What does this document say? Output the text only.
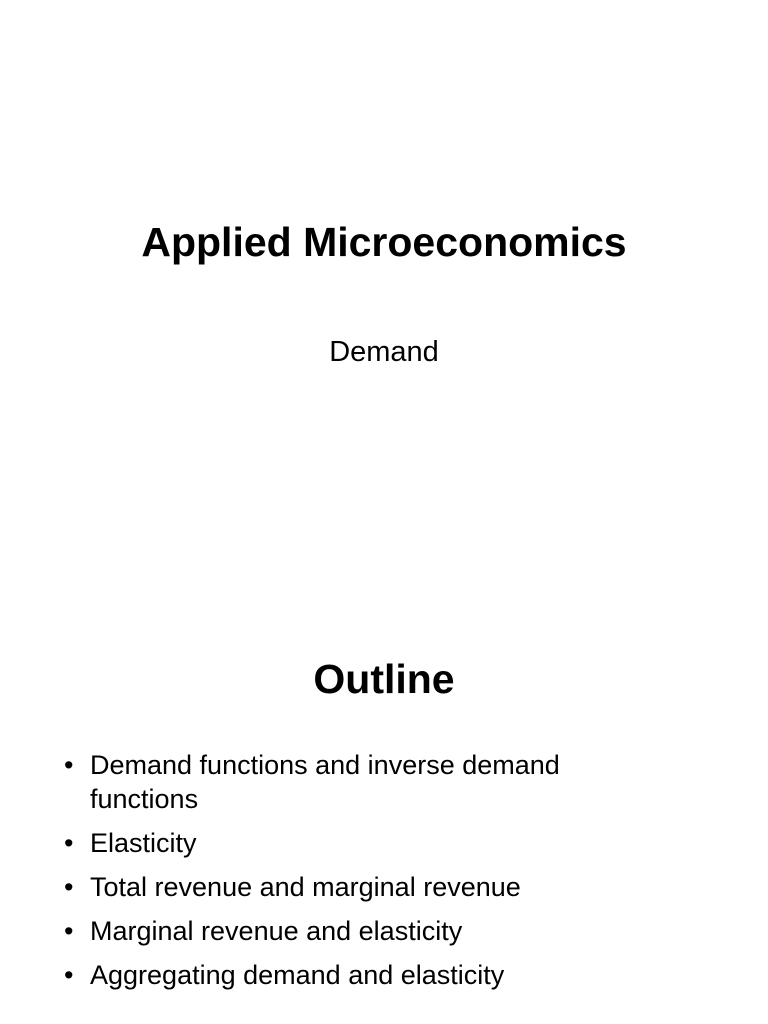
Applied Microeconomics

Demand

Outline
• Demand functions and inverse demand functions
• Elasticity
• Total revenue and marginal revenue
• Marginal revenue and elasticity
• Aggregating demand and elasticity
